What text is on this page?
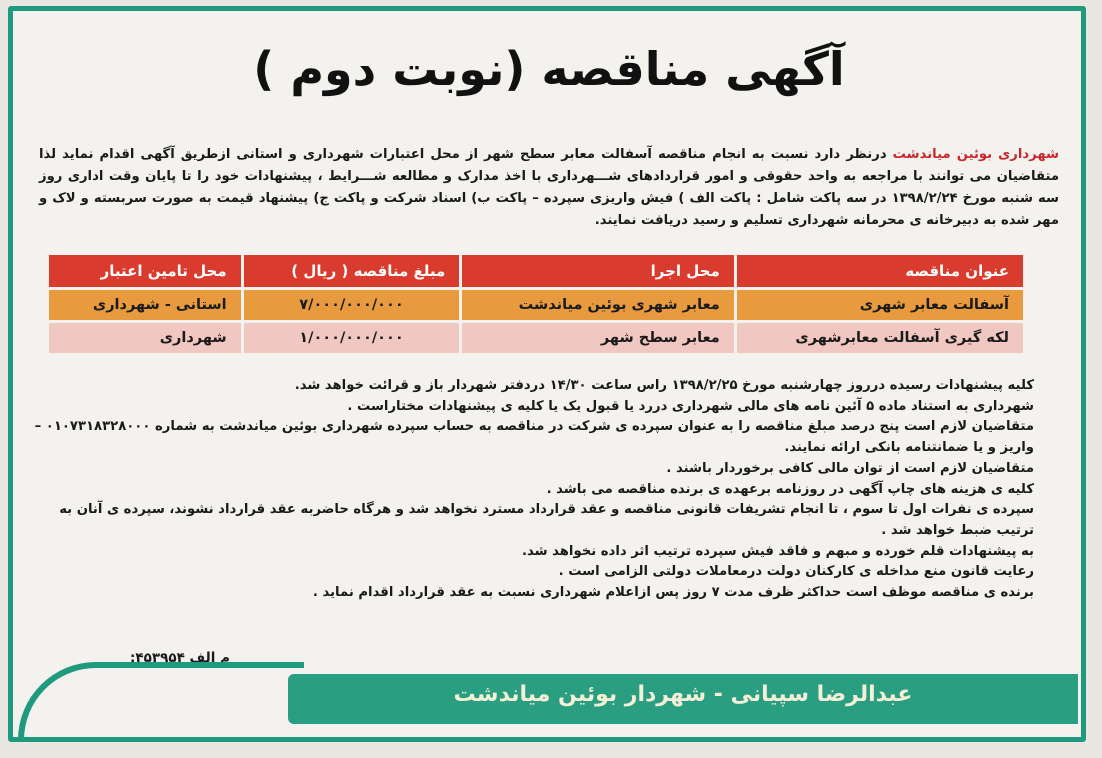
آگهی مناقصه (نوبت دوم )
شهرداری بوئین میاندشت درنظر دارد نسبت به انجام مناقصه آسفالت معابر سطح شهر از محل اعتبارات شهرداری و استانی ازطریق آگهی اقدام نماید لذا متقاضیان می توانند با مراجعه به واحد حقوقی و امور قراردادهای شـــهرداری با اخذ مدارک و مطالعه شـــرایط ، پیشنهادات خود را تا پایان وقت اداری روز سه شنبه مورخ ۱۳۹۸/۲/۲۴ در سه پاکت شامل : پاکت الف ) فیش واریزی سپرده – پاکت ب) اسناد شرکت و پاکت ج) پیشنهاد قیمت به صورت سربسته و لاک و مهر شده به دبیرخانه ی محرمانه شهرداری تسلیم و رسید دریافت نمایند.
عنوان مناقصه	محل اجرا	مبلغ مناقصه ( ریال )	محل تامین اعتبار
آسفالت معابر شهری	معابر شهری بوئین میاندشت	۷/۰۰۰/۰۰۰/۰۰۰	استانی - شهرداری
لکه گیری آسفالت معابرشهری	معابر سطح شهر	۱/۰۰۰/۰۰۰/۰۰۰	شهرداری

کلیه پیشنهادات رسیده درروز چهارشنبه مورخ ۱۳۹۸/۲/۲۵ راس ساعت ۱۴/۳۰ دردفتر شهردار باز و قرائت خواهد شد.

شهرداری به استناد ماده ۵ آئین نامه های مالی شهرداری دررد یا قبول یک یا کلیه ی پیشنهادات مختاراست .

متقاضیان لازم است پنج درصد مبلغ مناقصه را به عنوان سپرده ی شرکت در مناقصه به حساب سپرده شهرداری بوئین میاندشت به شماره ۰۱۰۷۳۱۸۳۲۸۰۰۰ –واریز و یا ضمانتنامه بانکی ارائه نمایند.

متقاضیان لازم است از توان مالی کافی برخوردار باشند .

کلیه ی هزینه های چاپ آگهی در روزنامه برعهده ی برنده مناقصه می باشد .

سپرده ی نفرات اول تا سوم ، تا انجام تشریفات قانونی مناقصه و عقد قرارداد مسترد نخواهد شد و هرگاه حاضربه عقد قرارداد نشوند، سپرده ی آنان به ترتیب ضبط خواهد شد .

به پیشنهادات قلم خورده و مبهم و فاقد فیش سپرده ترتیب اثر داده نخواهد شد.

رعایت قانون منع مداخله ی کارکنان دولت درمعاملات دولتی الزامی است .

برنده ی مناقصه موظف است حداکثر ظرف مدت ۷ روز پس ازاعلام شهرداری نسبت به عقد قرارداد اقدام نماید .

م الف ۴۵۳۹۵۴:
عبدالرضا سپیانی - شهردار بوئین میاندشت
